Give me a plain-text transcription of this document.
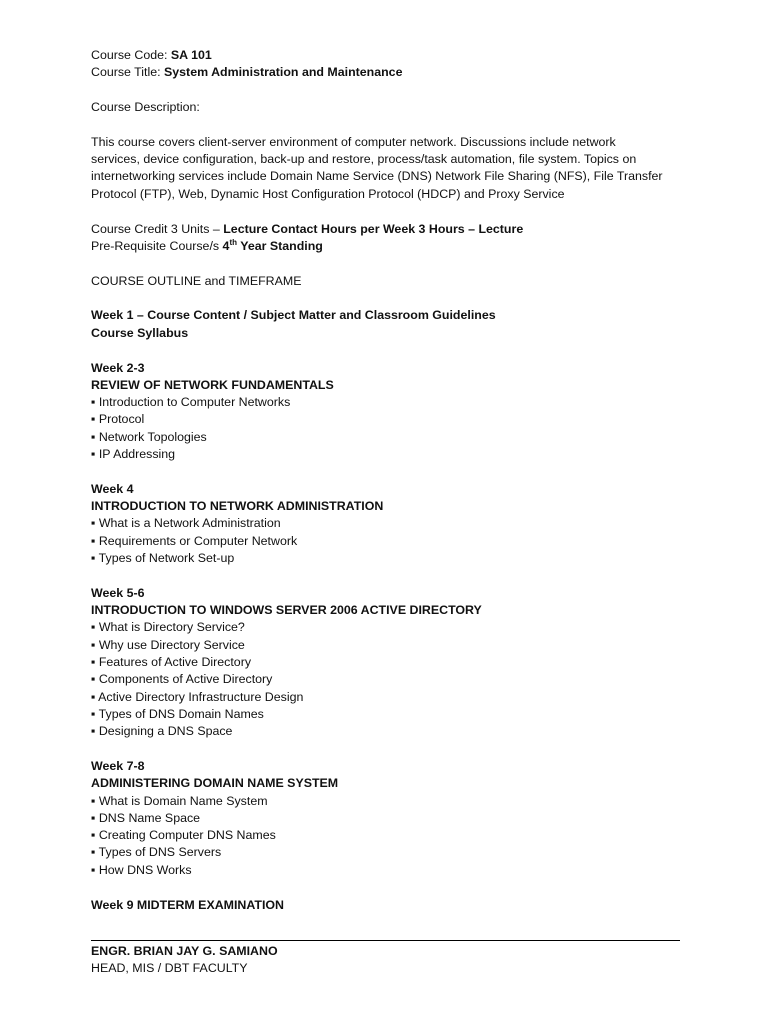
Course Code: SA 101
Course Title: System Administration and Maintenance
Course Description:
This course covers client-server environment of computer network. Discussions include network
services, device configuration, back-up and restore, process/task automation, file system. Topics on
internetworking services include Domain Name Service (DNS) Network File Sharing (NFS), File Transfer
Protocol (FTP), Web, Dynamic Host Configuration Protocol (HDCP) and Proxy Service
Course Credit 3 Units – Lecture Contact Hours per Week 3 Hours – Lecture
Pre-Requisite Course/s 4th Year Standing
COURSE OUTLINE and TIMEFRAME
Week 1 – Course Content / Subject Matter and Classroom Guidelines
Course Syllabus
Week 2-3
REVIEW OF NETWORK FUNDAMENTALS
▪ Introduction to Computer Networks
▪ Protocol
▪ Network Topologies
▪ IP Addressing
Week 4
INTRODUCTION TO NETWORK ADMINISTRATION
▪ What is a Network Administration
▪ Requirements or Computer Network
▪ Types of Network Set-up
Week 5-6
INTRODUCTION TO WINDOWS SERVER 2006 ACTIVE DIRECTORY
▪ What is Directory Service?
▪ Why use Directory Service
▪ Features of Active Directory
▪ Components of Active Directory
▪ Active Directory Infrastructure Design
▪ Types of DNS Domain Names
▪ Designing a DNS Space
Week 7-8
ADMINISTERING DOMAIN NAME SYSTEM
▪ What is Domain Name System
▪ DNS Name Space
▪ Creating Computer DNS Names
▪ Types of DNS Servers
▪ How DNS Works
Week 9 MIDTERM EXAMINATION
ENGR. BRIAN JAY G. SAMIANO
HEAD, MIS / DBT FACULTY
